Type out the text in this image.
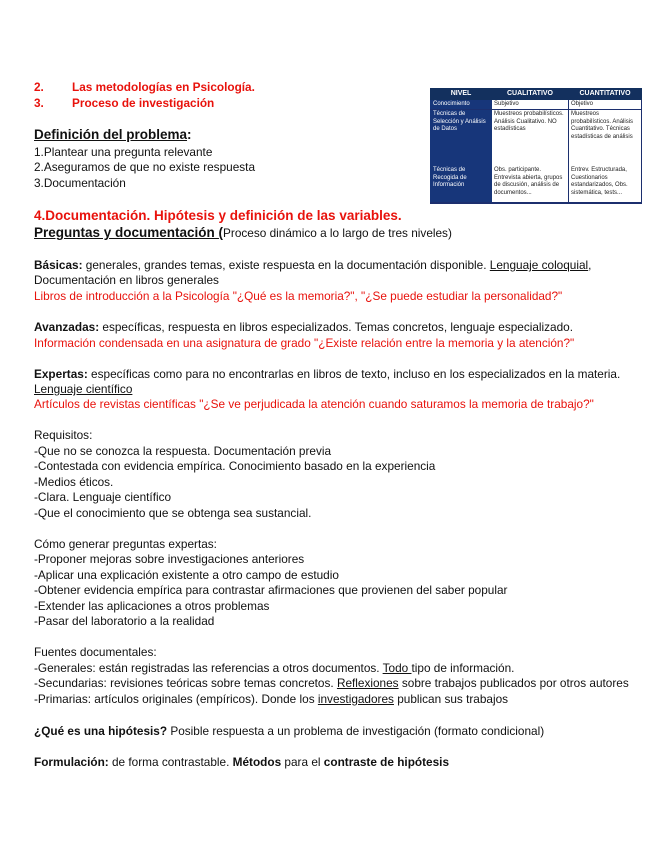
2. Las metodologías en Psicología.
3. Proceso de investigación
NIVEL	CUALITATIVO	CUANTITATIVO
Conocimiento	Subjetivo	Objetivo
Técnicas de Selección y Análisis de Datos	Muestreos probabilísticos. Análisis Cualitativo. NO estadísticas	Muestreos probabilísticos. Análisis Cuantitativo. Técnicas estadísticas de análisis
Técnicas de Recogida de Información	Obs. participante. Entrevista abierta, grupos de discusión, análisis de documentos...	Entrev. Estructurada, Cuestionarios estandarizados, Obs. sistemática, tests...
Definición del problema:
1.Plantear una pregunta relevante
2.Aseguramos de que no existe respuesta
3.Documentación
4.Documentación. Hipótesis y definición de las variables.
Preguntas y documentación (Proceso dinámico a lo largo de tres niveles)
Básicas: generales, grandes temas, existe respuesta en la documentación disponible. Lenguaje coloquial,
Documentación en libros generales
Libros de introducción a la Psicología "¿Qué es la memoria?", "¿Se puede estudiar la personalidad?"
Avanzadas: específicas, respuesta en libros especializados. Temas concretos, lenguaje especializado.
Información condensada en una asignatura de grado "¿Existe relación entre la memoria y la atención?"
Expertas: específicas como para no encontrarlas en libros de texto, incluso en los especializados en la materia.
Lenguaje científico
Artículos de revistas científicas "¿Se ve perjudicada la atención cuando saturamos la memoria de trabajo?"
Requisitos:
-Que no se conozca la respuesta. Documentación previa
-Contestada con evidencia empírica. Conocimiento basado en la experiencia
-Medios éticos.
-Clara. Lenguaje científico
-Que el conocimiento que se obtenga sea sustancial.
Cómo generar preguntas expertas:
-Proponer mejoras sobre investigaciones anteriores
-Aplicar una explicación existente a otro campo de estudio
-Obtener evidencia empírica para contrastar afirmaciones que provienen del saber popular
-Extender las aplicaciones a otros problemas
-Pasar del laboratorio a la realidad
Fuentes documentales:
-Generales: están registradas las referencias a otros documentos. Todo tipo de información.
-Secundarias: revisiones teóricas sobre temas concretos. Reflexiones sobre trabajos publicados por otros autores
-Primarias: artículos originales (empíricos). Donde los investigadores publican sus trabajos
¿Qué es una hipótesis? Posible respuesta a un problema de investigación (formato condicional)
Formulación: de forma contrastable. Métodos para el contraste de hipótesis
